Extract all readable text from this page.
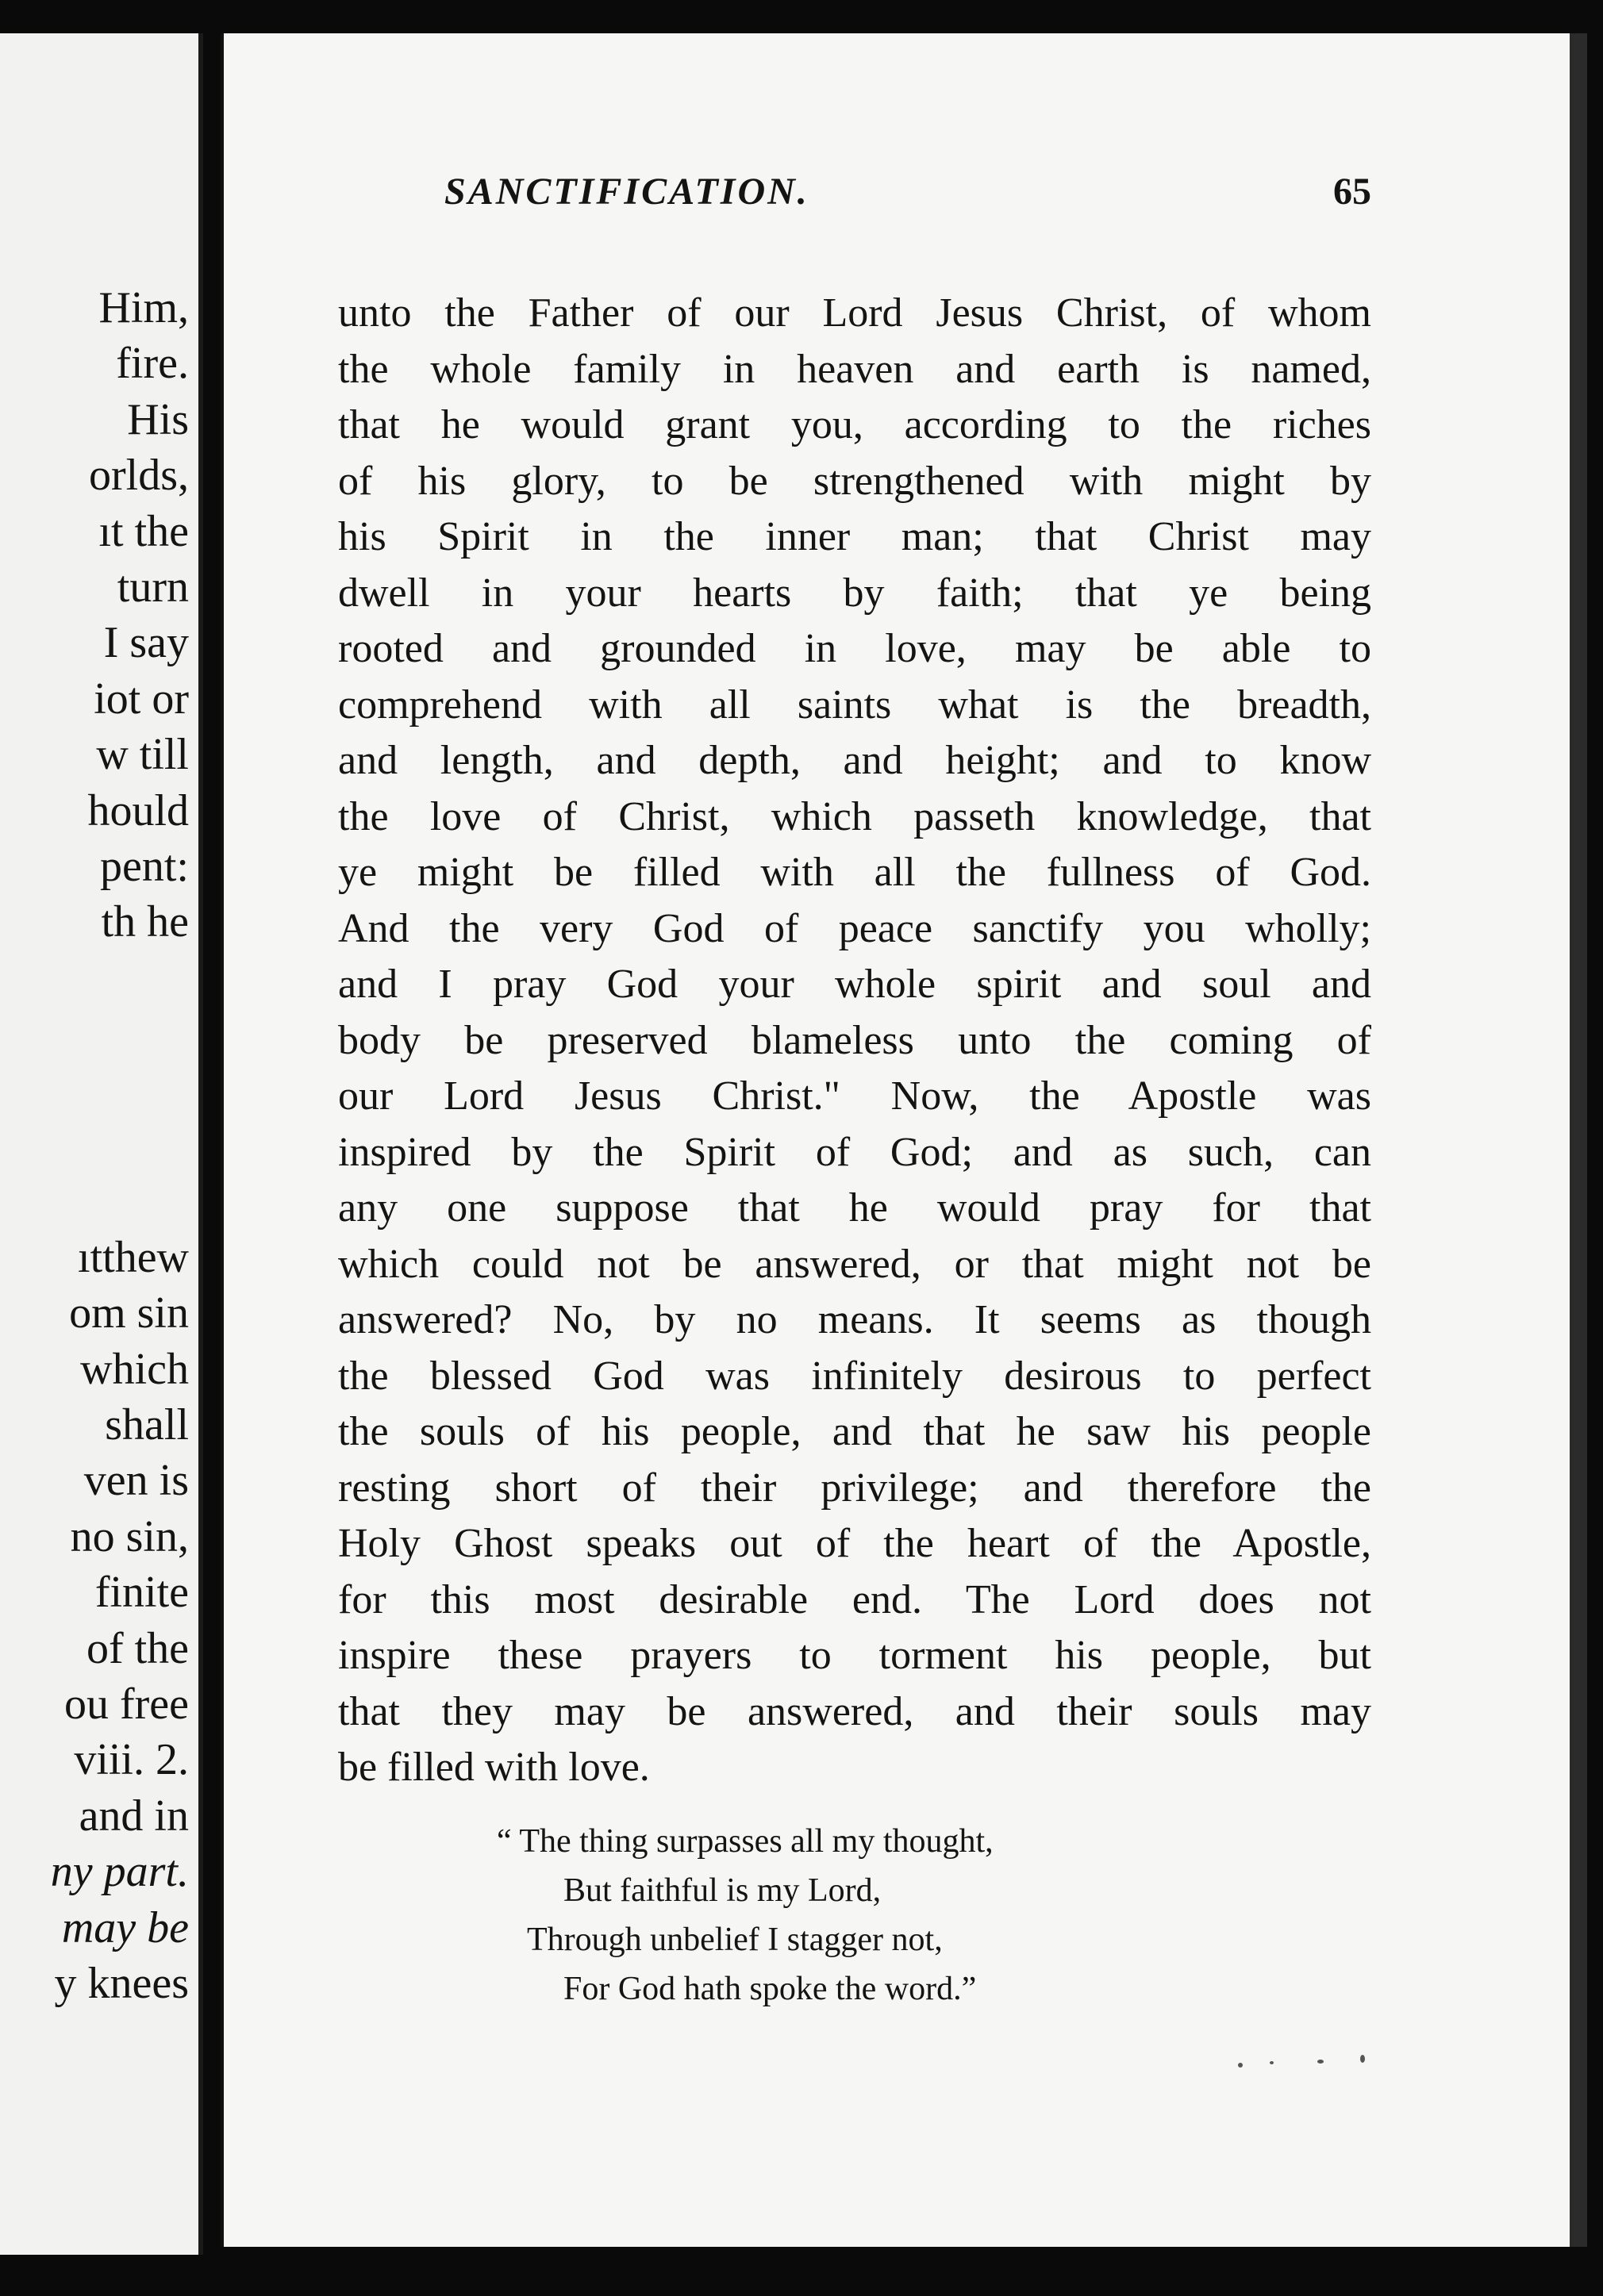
Him,
fire.
His
orlds,
ıt the
turn
I say
iot or
w till
hould
pent:
th he
ıtthew
om sin
which
shall
ven is
no sin,
finite
of the
ou free
viii. 2.
and in
ny part.
may be
y knees
SANCTIFICATION.	65
unto the Father of our Lord Jesus Christ, of whom
the whole family in heaven and earth is named,
that he would grant you, according to the riches
of his glory, to be strengthened with might by
his Spirit in the inner man; that Christ may
dwell in your hearts by faith; that ye being
rooted and grounded in love, may be able to
comprehend with all saints what is the breadth,
and length, and depth, and height; and to know
the love of Christ, which passeth knowledge, that
ye might be filled with all the fullness of God.
And the very God of peace sanctify you wholly;
and I pray God your whole spirit and soul and
body be preserved blameless unto the coming of
our Lord Jesus Christ." Now, the Apostle was
inspired by the Spirit of God; and as such, can
any one suppose that he would pray for that
which could not be answered, or that might not be
answered? No, by no means. It seems as though
the blessed God was infinitely desirous to perfect
the souls of his people, and that he saw his people
resting short of their privilege; and therefore the
Holy Ghost speaks out of the heart of the Apostle,
for this most desirable end. The Lord does not
inspire these prayers to torment his people, but
that they may be answered, and their souls may
be filled with love.
“ The thing surpasses all my thought,
But faithful is my Lord,
Through unbelief I stagger not,
For God hath spoke the word.”
